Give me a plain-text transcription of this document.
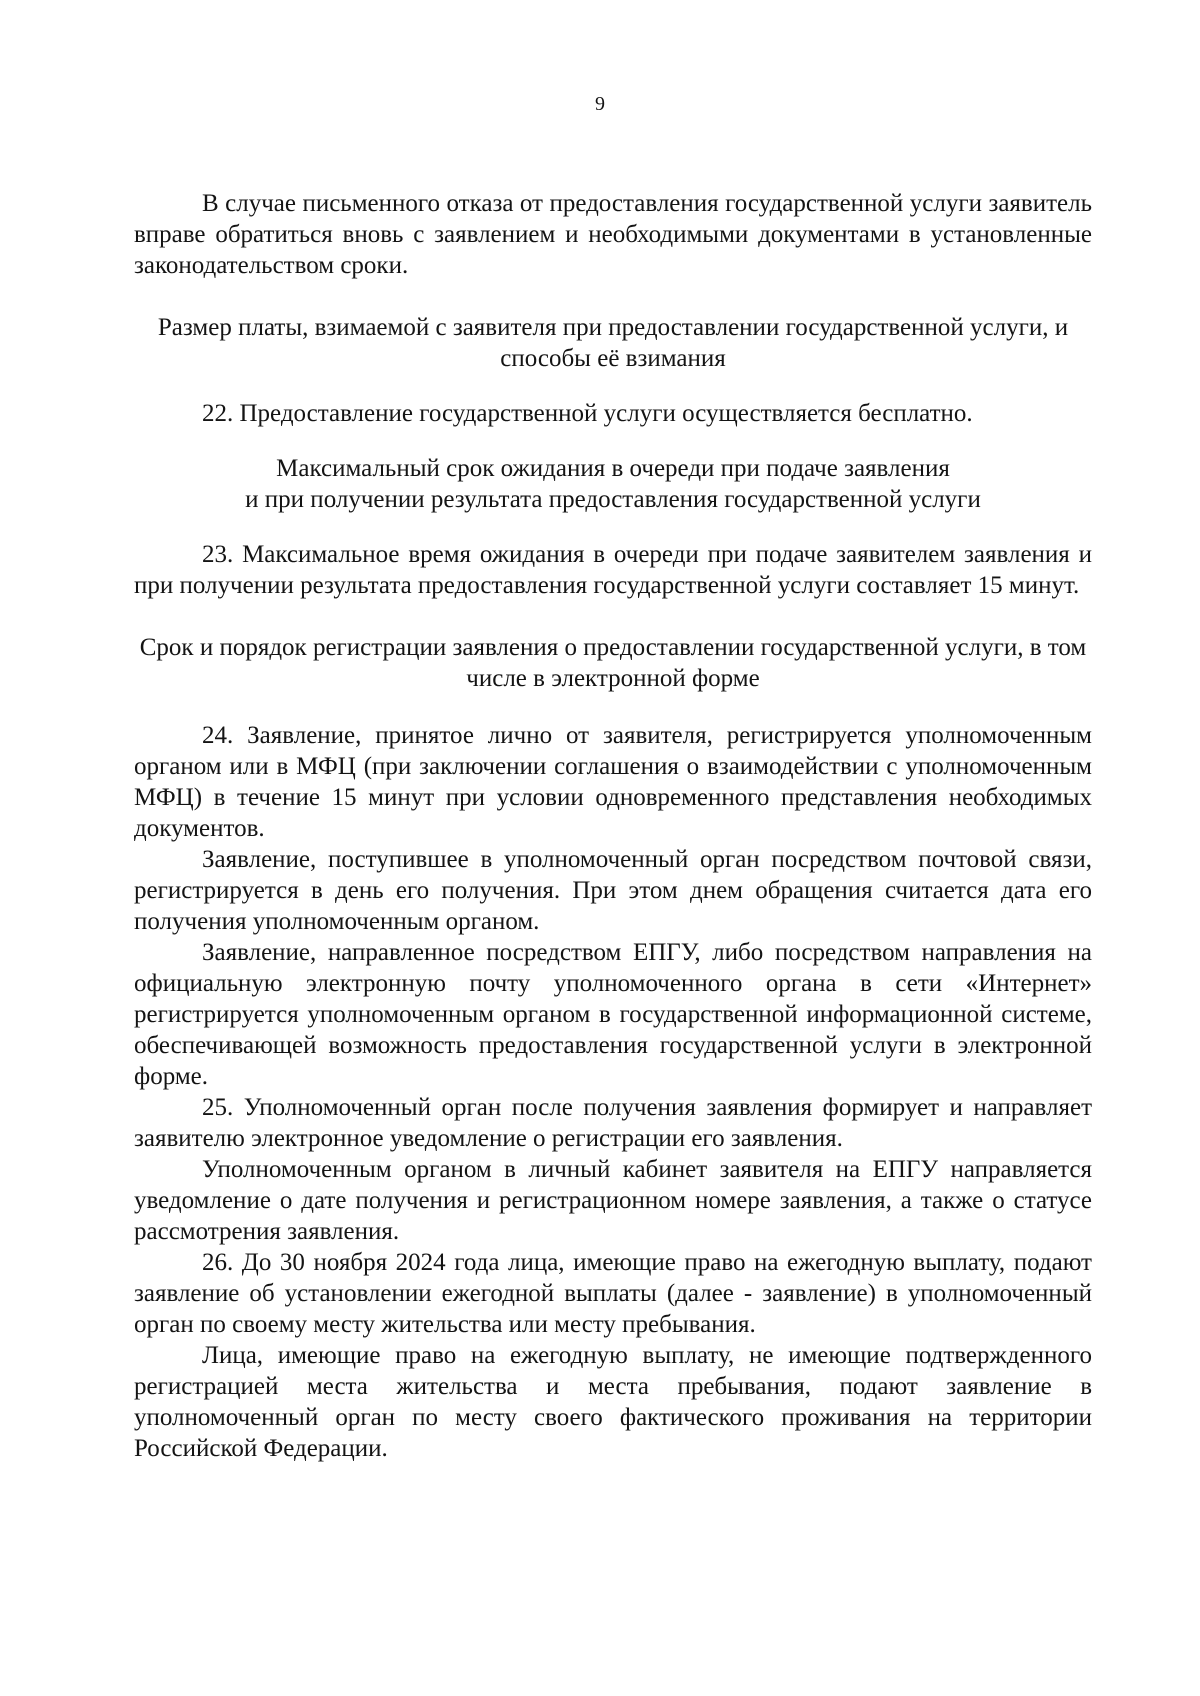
9

В случае письменного отказа от предоставления государственной услуги заявитель вправе обратиться вновь с заявлением и необходимыми документами в установленные законодательством сроки.

Размер платы, взимаемой с заявителя при предоставлении государственной услуги, и способы её взимания

22. Предоставление государственной услуги осуществляется бесплатно.

Максимальный срок ожидания в очереди при подаче заявления

и при получении результата предоставления государственной услуги

23. Максимальное время ожидания в очереди при подаче заявителем заявления и при получении результата предоставления государственной услуги составляет 15 минут.

Срок и порядок регистрации заявления о предоставлении государственной услуги, в том числе в электронной форме

24. Заявление, принятое лично от заявителя, регистрируется уполномоченным органом или в МФЦ (при заключении соглашения о взаимодействии с уполномоченным МФЦ) в течение 15 минут при условии одновременного представления необходимых документов.

Заявление, поступившее в уполномоченный орган посредством почтовой связи, регистрируется в день его получения. При этом днем обращения считается дата его получения уполномоченным органом.

Заявление, направленное посредством ЕПГУ, либо посредством направления на официальную электронную почту уполномоченного органа в сети «Интернет» регистрируется уполномоченным органом в государственной информационной системе, обеспечивающей возможность предоставления государственной услуги в электронной форме.

25. Уполномоченный орган после получения заявления формирует и направляет заявителю электронное уведомление о регистрации его заявления.

Уполномоченным органом в личный кабинет заявителя на ЕПГУ направляется уведомление о дате получения и регистрационном номере заявления, а также о статусе рассмотрения заявления.

26. До 30 ноября 2024 года лица, имеющие право на ежегодную выплату, подают заявление об установлении ежегодной выплаты (далее - заявление) в уполномоченный орган по своему месту жительства или месту пребывания.

Лица, имеющие право на ежегодную выплату, не имеющие подтвержденного регистрацией места жительства и места пребывания, подают заявление в уполномоченный орган по месту своего фактического проживания на территории Российской Федерации.
